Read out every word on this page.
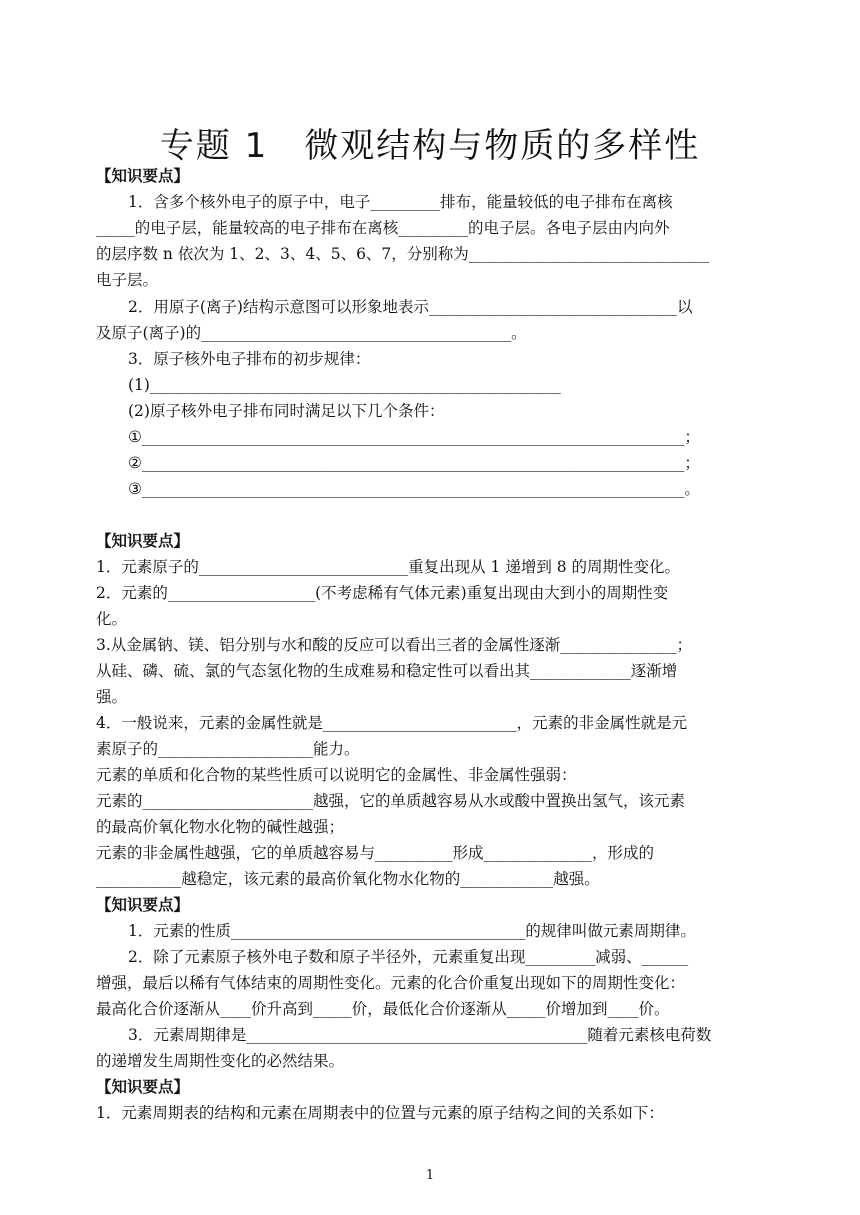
专题 1　微观结构与物质的多样性
【知识要点】
1．含多个核外电子的原子中，电子_________排布，能量较低的电子排布在离核
_____的电子层，能量较高的电子排布在离核_________的电子层。各电子层由内向外
的层序数 n 依次为 1、2、3、4、5、6、7，分别称为_______________________________
电子层。
2．用原子(离子)结构示意图可以形象地表示________________________________以
及原子(离子)的________________________________________。
3．原子核外电子排布的初步规律：
(1)_____________________________________________________
(2)原子核外电子排布同时满足以下几个条件：
①______________________________________________________________________；
②______________________________________________________________________；
③______________________________________________________________________。
【知识要点】
1．元素原子的___________________________重复出现从 1 递增到 8 的周期性变化。
2．元素的___________________(不考虑稀有气体元素)重复出现由大到小的周期性变
化。
3.从金属钠、镁、铝分别与水和酸的反应可以看出三者的金属性逐渐_______________；
从硅、磷、硫、氯的气态氢化物的生成难易和稳定性可以看出其_____________逐渐增
强。
4．一般说来，元素的金属性就是_________________________，元素的非金属性就是元
素原子的____________________能力。
元素的单质和化合物的某些性质可以说明它的金属性、非金属性强弱：
元素的______________________越强，它的单质越容易从水或酸中置换出氢气，该元素
的最高价氧化物水化物的碱性越强；
元素的非金属性越强，它的单质越容易与__________形成______________，形成的
___________越稳定，该元素的最高价氧化物水化物的____________越强。
【知识要点】
1．元素的性质______________________________________的规律叫做元素周期律。
2．除了元素原子核外电子数和原子半径外，元素重复出现_________减弱、______
增强，最后以稀有气体结束的周期性变化。元素的化合价重复出现如下的周期性变化：
最高化合价逐渐从____价升高到_____价，最低化合价逐渐从_____价增加到____价。
3．元素周期律是____________________________________________随着元素核电荷数
的递增发生周期性变化的必然结果。
【知识要点】
1．元素周期表的结构和元素在周期表中的位置与元素的原子结构之间的关系如下：
1
